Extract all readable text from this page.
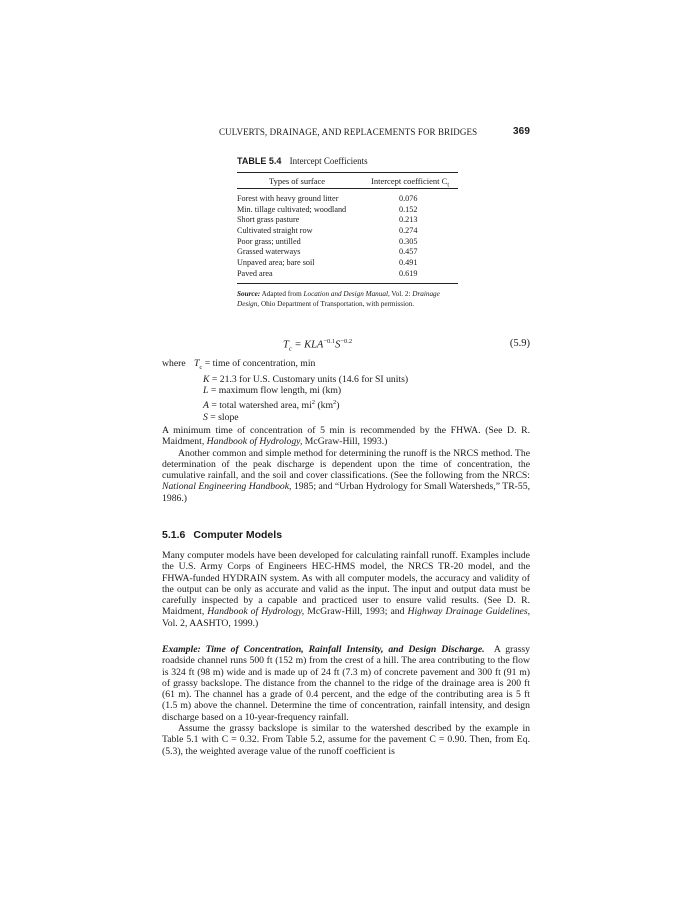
CULVERTS, DRAINAGE, AND REPLACEMENTS FOR BRIDGES	369
TABLE 5.4 Intercept Coefficients
Types of surface	Intercept coefficient $C_t$
Forest with heavy ground litter	0.076
Min. tillage cultivated; woodland	0.152
Short grass pasture	0.213
Cultivated straight row	0.274
Poor grass; untilled	0.305
Grassed waterways	0.457
Unpaved area; bare soil	0.491
Paved area	0.619
Source: Adapted from Location and Design Manual, Vol. 2: Drainage Design, Ohio Department of Transportation, with permission.
$T_c = KLA^{-0.1}S^{-0.2}$	(5.9)
where $T_c$ = time of concentration, min
K = 21.3 for U.S. Customary units (14.6 for SI units)
L = maximum flow length, mi (km)
A = total watershed area, $mi^2$ $(km^2)$
S = slope

A minimum time of concentration of 5 min is recommended by the FHWA. (See D. R. Maidment, Handbook of Hydrology, McGraw-Hill, 1993.)

Another common and simple method for determining the runoff is the NRCS method. The determination of the peak discharge is dependent upon the time of concentration, the cumulative rainfall, and the soil and cover classifications. (See the following from the NRCS: National Engineering Handbook, 1985; and “Urban Hydrology for Small Watersheds,” TR-55, 1986.)

5.1.6 Computer Models

Many computer models have been developed for calculating rainfall runoff. Examples include the U.S. Army Corps of Engineers HEC-HMS model, the NRCS TR-20 model, and the FHWA-funded HYDRAIN system. As with all computer models, the accuracy and validity of the output can be only as accurate and valid as the input. The input and output data must be carefully inspected by a capable and practiced user to ensure valid results. (See D. R. Maidment, Handbook of Hydrology, McGraw-Hill, 1993; and Highway Drainage Guidelines, Vol. 2, AASHTO, 1999.)

Example: Time of Concentration, Rainfall Intensity, and Design Discharge. A grassy roadside channel runs 500 ft (152 m) from the crest of a hill. The area contributing to the flow is 324 ft (98 m) wide and is made up of 24 ft (7.3 m) of concrete pavement and 300 ft (91 m) of grassy backslope. The distance from the channel to the ridge of the drainage area is 200 ft (61 m). The channel has a grade of 0.4 percent, and the edge of the contributing area is 5 ft (1.5 m) above the channel. Determine the time of concentration, rainfall intensity, and design discharge based on a 10-year-frequency rainfall.

Assume the grassy backslope is similar to the watershed described by the example in Table 5.1 with C = 0.32. From Table 5.2, assume for the pavement C = 0.90. Then, from Eq. (5.3), the weighted average value of the runoff coefficient is
